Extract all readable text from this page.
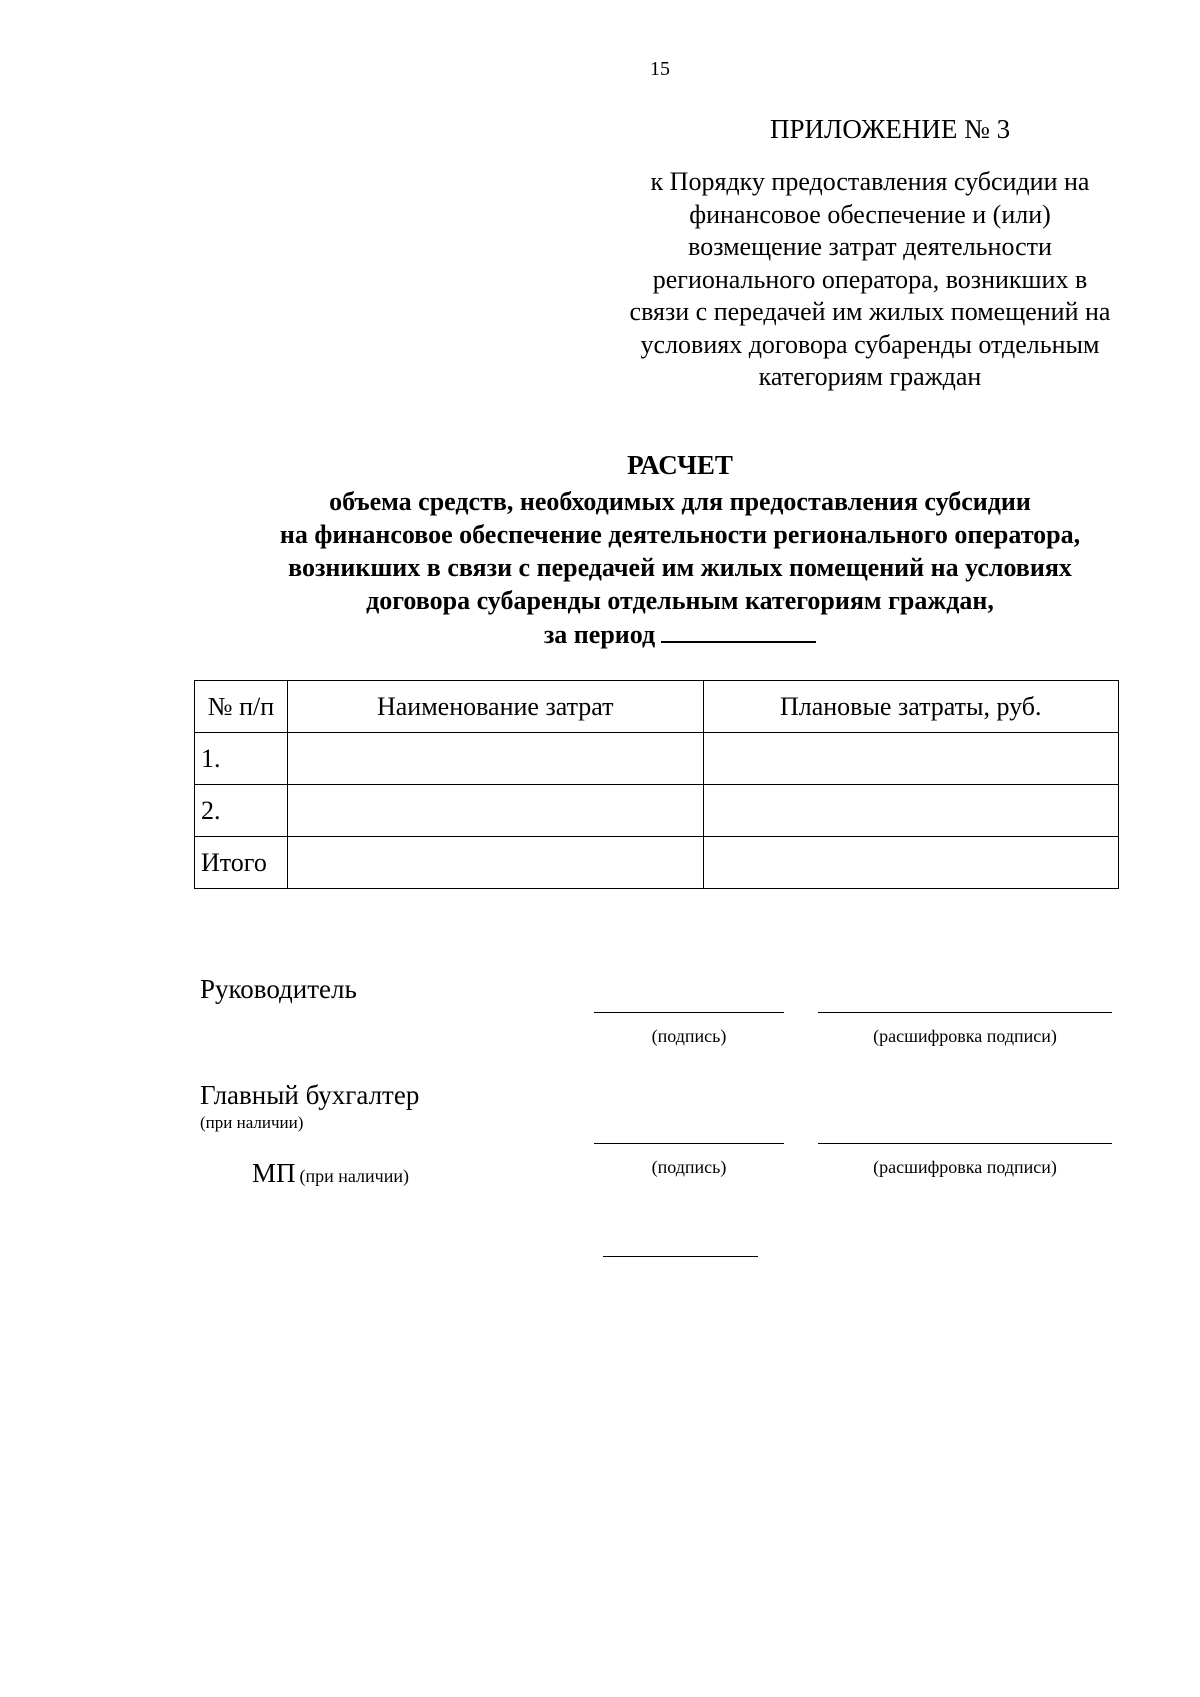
15
ПРИЛОЖЕНИЕ № 3
к Порядку предоставления субсидии на
финансовое обеспечение и (или)
возмещение затрат деятельности
регионального оператора, возникших в
связи с передачей им жилых помещений на
условиях договора субаренды отдельным
категориям граждан
РАСЧЕТ
объема средств, необходимых для предоставления субсидии
на финансовое обеспечение деятельности регионального оператора,
возникших в связи с передачей им жилых помещений на условиях
договора субаренды отдельным категориям граждан,
за период
№ п/п	Наименование затрат	Плановые затраты, руб.
1.		
2.		
Итого		
Руководитель
(подпись)	(расшифровка подписи)
Главный бухгалтер
(при наличии)
(подпись)	(расшифровка подписи)
МП (при наличии)
